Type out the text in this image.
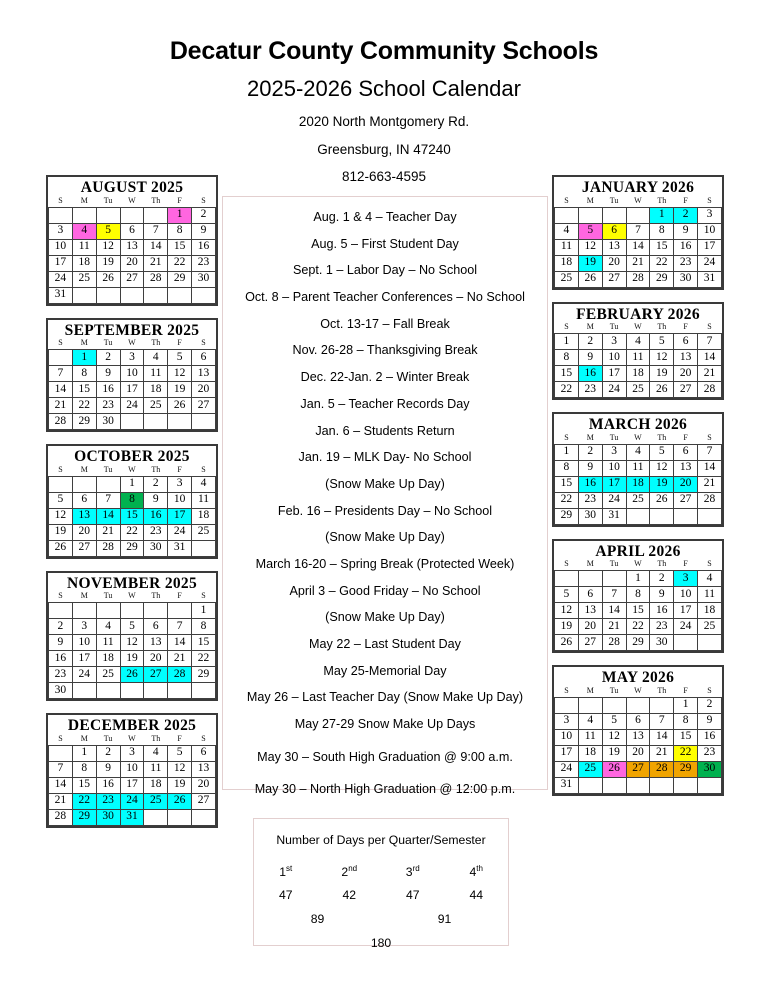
Decatur County Community Schools
2025-2026 School Calendar
2020 North Montgomery Rd.
Greensburg, IN 47240
812-663-4595
AUGUST 2025
S	M	Tu	W	Th	F	S
					1	2
3	4	5	6	7	8	9
10	11	12	13	14	15	16
17	18	19	20	21	22	23
24	25	26	27	28	29	30
31						
SEPTEMBER 2025
S	M	Tu	W	Th	F	S
	1	2	3	4	5	6
7	8	9	10	11	12	13
14	15	16	17	18	19	20
21	22	23	24	25	26	27
28	29	30				
OCTOBER 2025
S	M	Tu	W	Th	F	S
			1	2	3	4
5	6	7	8	9	10	11
12	13	14	15	16	17	18
19	20	21	22	23	24	25
26	27	28	29	30	31	
NOVEMBER 2025
S	M	Tu	W	Th	F	S
						1
2	3	4	5	6	7	8
9	10	11	12	13	14	15
16	17	18	19	20	21	22
23	24	25	26	27	28	29
30						
DECEMBER 2025
S	M	Tu	W	Th	F	S
	1	2	3	4	5	6
7	8	9	10	11	12	13
14	15	16	17	18	19	20
21	22	23	24	25	26	27
28	29	30	31			
JANUARY 2026
S	M	Tu	W	Th	F	S
				1	2	3
4	5	6	7	8	9	10
11	12	13	14	15	16	17
18	19	20	21	22	23	24
25	26	27	28	29	30	31
FEBRUARY 2026
S	M	Tu	W	Th	F	S
1	2	3	4	5	6	7
8	9	10	11	12	13	14
15	16	17	18	19	20	21
22	23	24	25	26	27	28
MARCH 2026
S	M	Tu	W	Th	F	S
1	2	3	4	5	6	7
8	9	10	11	12	13	14
15	16	17	18	19	20	21
22	23	24	25	26	27	28
29	30	31				
APRIL 2026
S	M	Tu	W	Th	F	S
			1	2	3	4
5	6	7	8	9	10	11
12	13	14	15	16	17	18
19	20	21	22	23	24	25
26	27	28	29	30		
MAY 2026
S	M	Tu	W	Th	F	S
					1	2
3	4	5	6	7	8	9
10	11	12	13	14	15	16
17	18	19	20	21	22	23
24	25	26	27	28	29	30
31						
Aug. 1 & 4 – Teacher Day
Aug. 5 – First Student Day
Sept. 1 – Labor Day – No School
Oct. 8 – Parent Teacher Conferences – No School
Oct. 13-17 – Fall Break
Nov. 26-28 – Thanksgiving Break
Dec. 22-Jan. 2 – Winter Break
Jan. 5 – Teacher Records Day
Jan. 6 – Students Return
Jan. 19 – MLK Day- No School
(Snow Make Up Day)
Feb. 16 – Presidents Day – No School
(Snow Make Up Day)
March 16-20 – Spring Break (Protected Week)
April 3 – Good Friday – No School
(Snow Make Up Day)
May 22 – Last Student Day
May 25-Memorial Day
May 26 – Last Teacher Day (Snow Make Up Day)
May 27-29 Snow Make Up Days
May 30 – South High Graduation @ 9:00 a.m.
May 30 – North High Graduation @ 12:00 p.m.
Number of Days per Quarter/Semester
1st	2nd	3rd	4th
47	42	47	44
89	91
180
